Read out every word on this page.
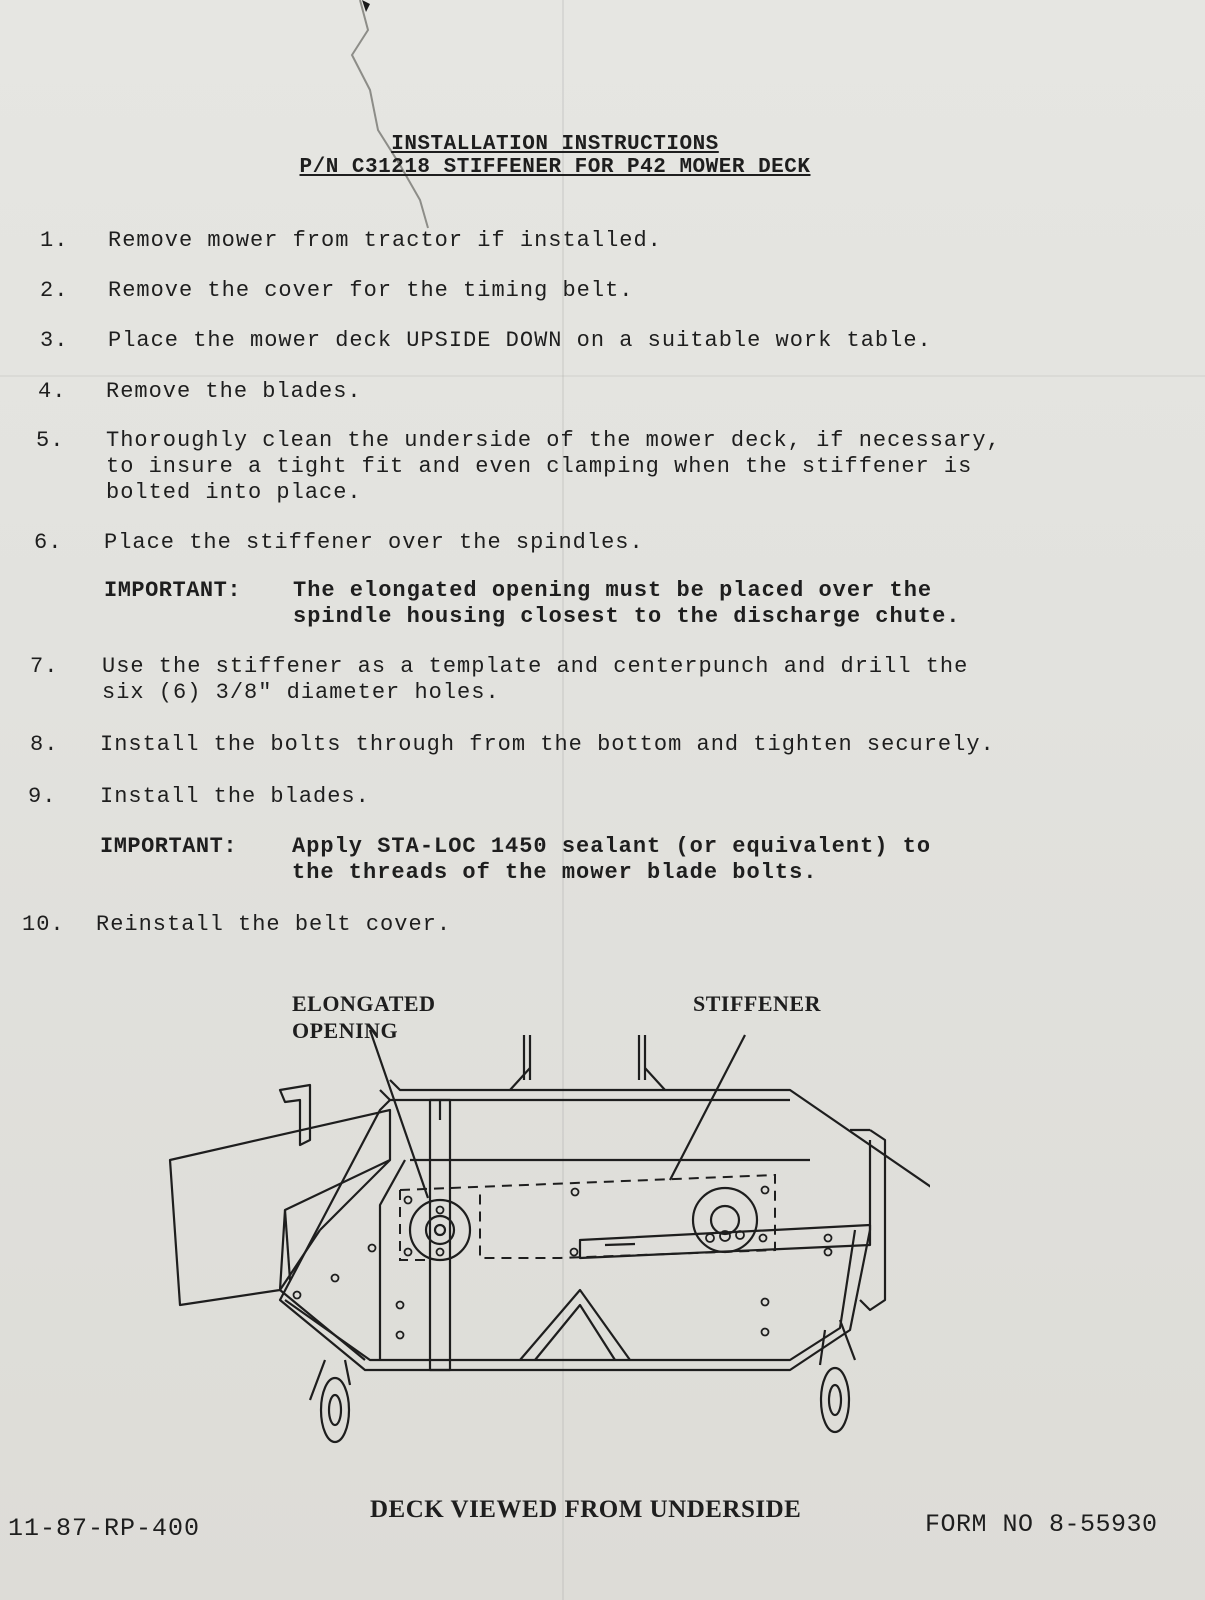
INSTALLATION INSTRUCTIONS
P/N C31218 STIFFENER FOR P42 MOWER DECK
1. Remove mower from tractor if installed.
2. Remove the cover for the timing belt.
3. Place the mower deck UPSIDE DOWN on a suitable work table.
4. Remove the blades.
5. Thoroughly clean the underside of the mower deck, if necessary,
to insure a tight fit and even clamping when the stiffener is
bolted into place.
6. Place the stiffener over the spindles.
IMPORTANT: The elongated opening must be placed over the
spindle housing closest to the discharge chute.
7. Use the stiffener as a template and centerpunch and drill the
six (6) 3/8" diameter holes.
8. Install the bolts through from the bottom and tighten securely.
9. Install the blades.
IMPORTANT: Apply STA-LOC 1450 sealant (or equivalent) to
the threads of the mower blade bolts.
10. Reinstall the belt cover.
ELONGATED
OPENING
STIFFENER
DECK VIEWED FROM UNDERSIDE
11-87-RP-400	FORM NO 8-55930
